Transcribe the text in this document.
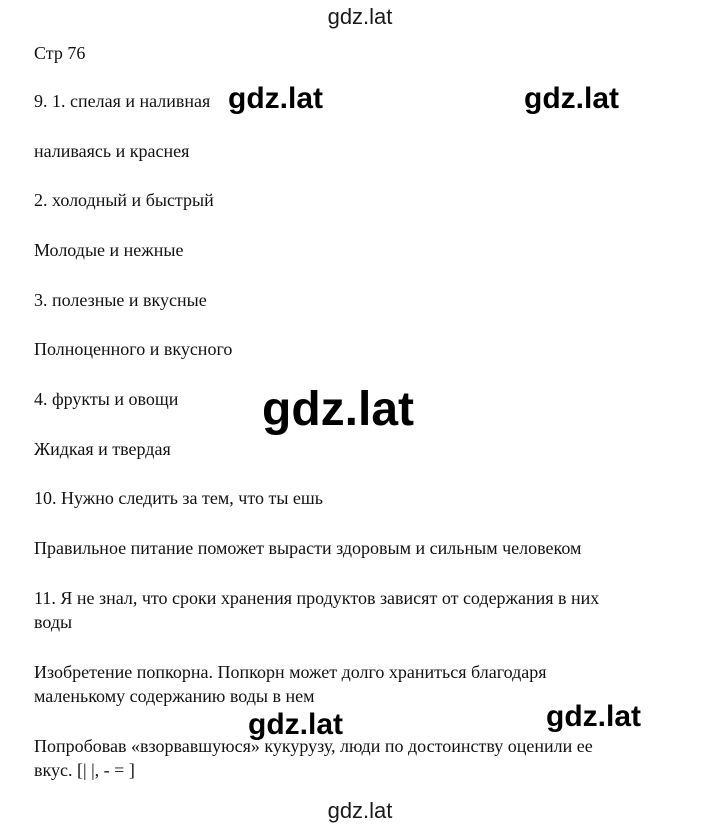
gdz.lat
Стр 76
9. 1. спелая и наливная
наливаясь и краснея
2. холодный и быстрый
Молодые и нежные
3. полезные и вкусные
Полноценного и вкусного
4. фрукты и овощи
Жидкая и твердая
10. Нужно следить за тем, что ты ешь
Правильное питание поможет вырасти здоровым и сильным человеком
11. Я не знал, что сроки хранения продуктов зависят от содержания в них
воды
Изобретение попкорна. Попкорн может долго храниться благодаря
маленькому содержанию воды в нем
Попробовав «взорвавшуюся» кукурузу, люди по достоинству оценили ее
вкус. [| |, - = ]
gdz.lat	gdz.lat
gdz.lat
gdz.lat	gdz.lat
gdz.lat
